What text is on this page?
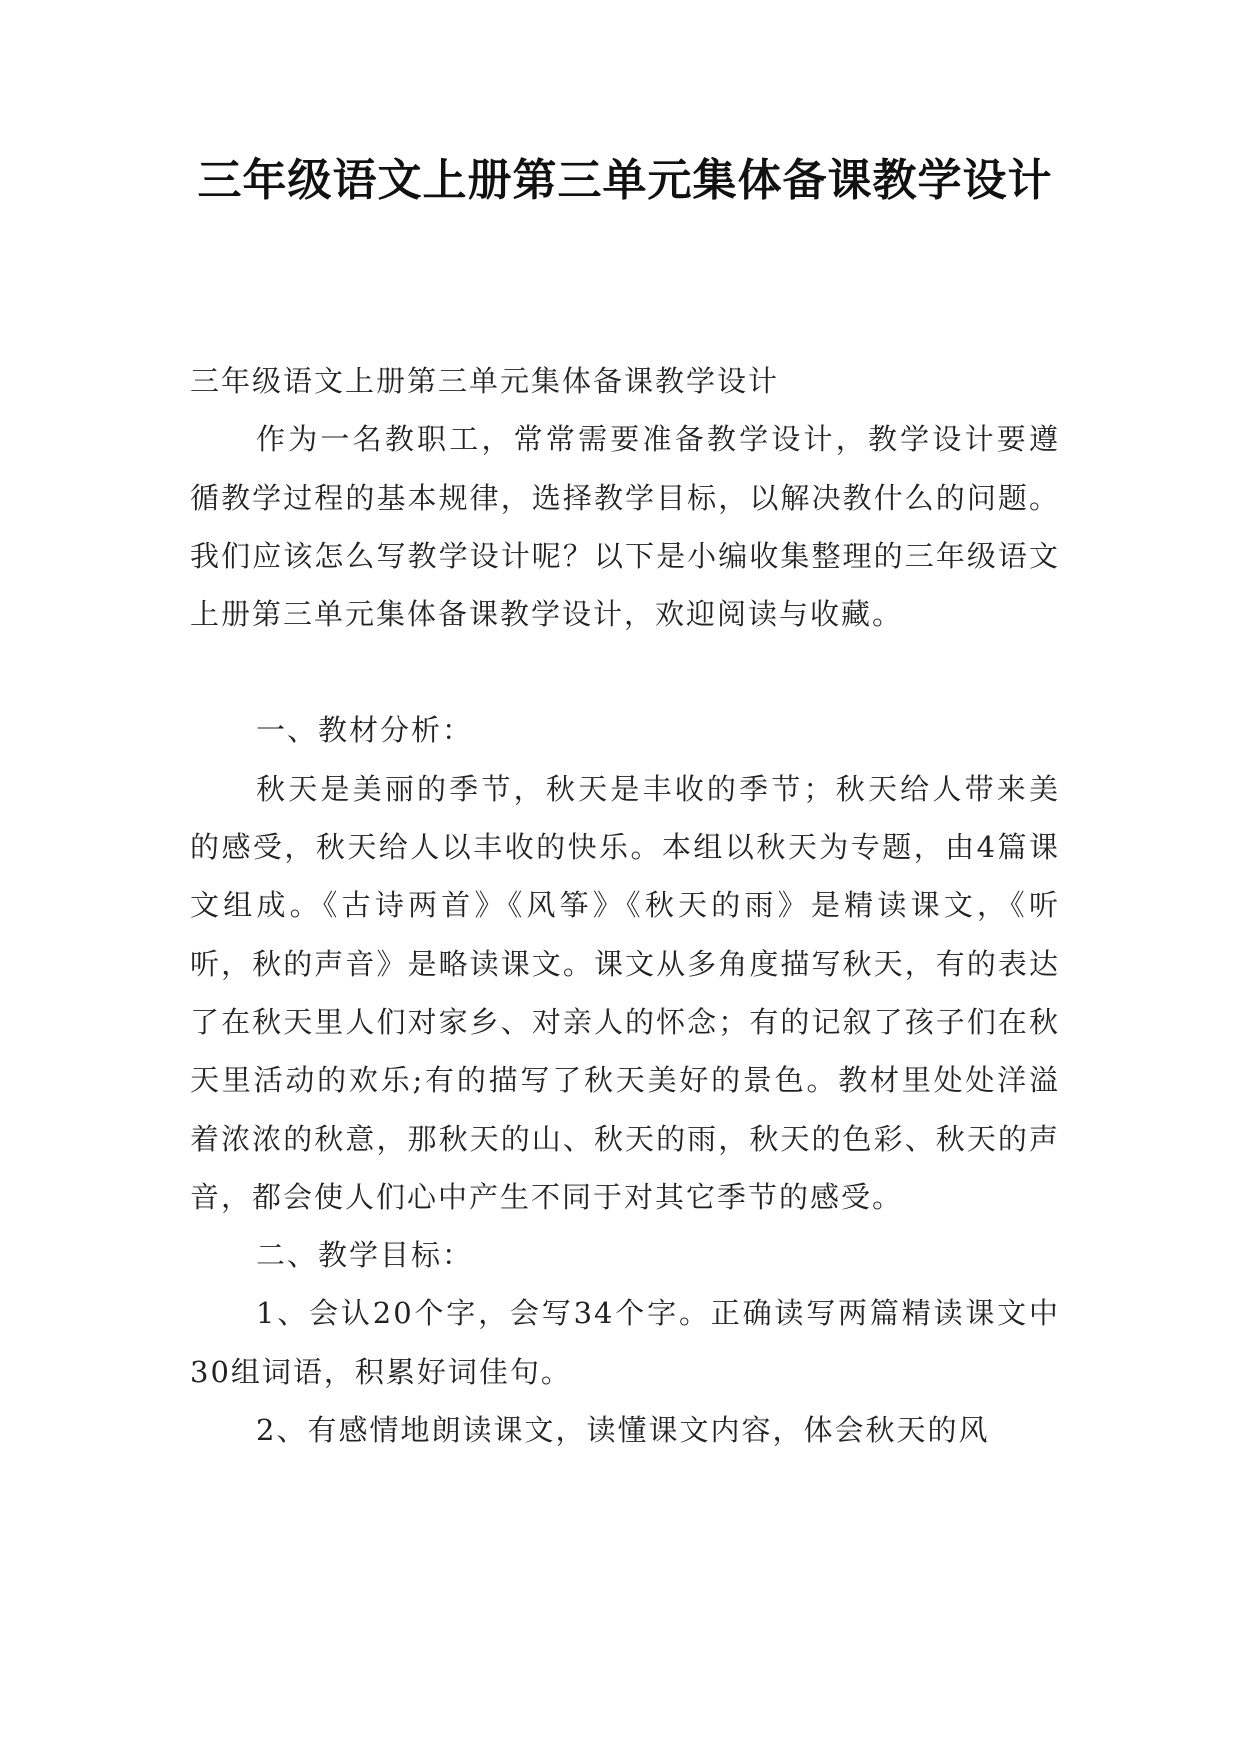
三年级语文上册第三单元集体备课教学设计

三年级语文上册第三单元集体备课教学设计

作为一名教职工，常常需要准备教学设计，教学设计要遵循教学过程的基本规律，选择教学目标，以解决教什么的问题。我们应该怎么写教学设计呢？以下是小编收集整理的三年级语文上册第三单元集体备课教学设计，欢迎阅读与收藏。

一、教材分析：

秋天是美丽的季节，秋天是丰收的季节；秋天给人带来美的感受，秋天给人以丰收的快乐。本组以秋天为专题，由4篇课文组成。《古诗两首》《风筝》《秋天的雨》是精读课文，《听听，秋的声音》是略读课文。课文从多角度描写秋天，有的表达了在秋天里人们对家乡、对亲人的怀念；有的记叙了孩子们在秋天里活动的欢乐;有的描写了秋天美好的景色。教材里处处洋溢着浓浓的秋意，那秋天的山、秋天的雨，秋天的色彩、秋天的声音，都会使人们心中产生不同于对其它季节的感受。

二、教学目标：

1、会认20个字，会写34个字。正确读写两篇精读课文中30组词语，积累好词佳句。

2、有感情地朗读课文，读懂课文内容，体会秋天的风
